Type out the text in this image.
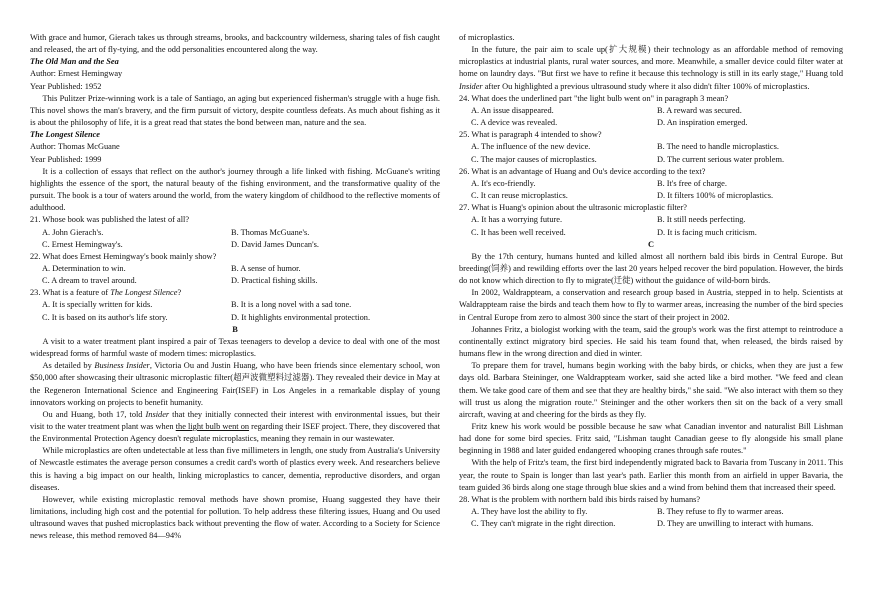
With grace and humor, Gierach takes us through streams, brooks, and backcountry wilderness, sharing tales of fish caught and released, the art of fly-tying, and the odd personalities encountered along the way.

The Old Man and the Sea

Author: Ernest Hemingway

Year Published: 1952

This Pulitzer Prize-winning work is a tale of Santiago, an aging but experienced fisherman's struggle with a huge fish. This novel shows the man's bravery, and the firm pursuit of victory, despite countless defeats. As much about fishing as it is about the philosophy of life, it is a great read that states the bond between man, nature and the sea.

The Longest Silence

Author: Thomas McGuane

Year Published: 1999

It is a collection of essays that reflect on the author's journey through a life linked with fishing. McGuane's writing highlights the essence of the sport, the natural beauty of the fishing environment, and the transformative quality of the pursuit. The book is a tour of waters around the world, from the watery kingdom of childhood to the reflective moments of adulthood.

21. Whose book was published the latest of all?

A. John Gierach's.	B. Thomas McGuane's.
C. Ernest Hemingway's.	D. David James Duncan's.

22. What does Ernest Hemingway's book mainly show?

A. Determination to win.	B. A sense of humor.
C. A dream to travel around.	D. Practical fishing skills.

23. What is a feature of The Longest Silence?

A. It is specially written for kids.	B. It is a long novel with a sad tone.
C. It is based on its author's life story.	D. It highlights environmental protection.

B

A visit to a water treatment plant inspired a pair of Texas teenagers to develop a device to deal with one of the most widespread forms of harmful waste of modern times: microplastics.

As detailed by Business Insider, Victoria Ou and Justin Huang, who have been friends since elementary school, won $50,000 after showcasing their ultrasonic microplastic filter(超声波微塑料过滤器). They revealed their device in May at the Regeneron International Science and Engineering Fair(ISEF) in Los Angeles in a remarkable display of young innovators working on projects to benefit humanity.

Ou and Huang, both 17, told Insider that they initially connected their interest with environmental issues, but their visit to the water treatment plant was when the light bulb went on regarding their ISEF project. There, they discovered that the Environmental Protection Agency doesn't regulate microplastics, meaning they remain in our wastewater.

While microplastics are often undetectable at less than five millimeters in length, one study from Australia's University of Newcastle estimates the average person consumes a credit card's worth of plastics every week. And researchers believe this is having a big impact on our health, linking microplastics to cancer, dementia, reproductive disorders, and organ diseases.

However, while existing microplastic removal methods have shown promise, Huang suggested they have their limitations, including high cost and the potential for pollution. To help address these filtering issues, Huang and Ou used ultrasound waves that pushed microplastics back without preventing the flow of water. According to a Society for Science news release, this method removed 84—94%

of microplastics.

In the future, the pair aim to scale up(扩大规模) their technology as an affordable method of removing microplastics at industrial plants, rural water sources, and more. Meanwhile, a smaller device could filter water at home on laundry days. "But first we have to refine it because this technology is still in its early stage," Huang told Insider after Ou highlighted a previous ultrasound study where it also didn't filter 100% of microplastics.

24. What does the underlined part "the light bulb went on" in paragraph 3 mean?

A. An issue disappeared.	B. A reward was secured.
C. A device was revealed.	D. An inspiration emerged.

25. What is paragraph 4 intended to show?

A. The influence of the new device.	B. The need to handle microplastics.
C. The major causes of microplastics.	D. The current serious water problem.

26. What is an advantage of Huang and Ou's device according to the text?

A. It's eco-friendly.	B. It's free of charge.
C. It can reuse microplastics.	D. It filters 100% of microplastics.

27. What is Huang's opinion about the ultrasonic microplastic filter?

A. It has a worrying future.	B. It still needs perfecting.
C. It has been well received.	D. It is facing much criticism.

C

By the 17th century, humans hunted and killed almost all northern bald ibis birds in Central Europe. But breeding(饲养) and rewilding efforts over the last 20 years helped recover the bird population. However, the birds do not know which direction to fly to migrate(迁徙) without the guidance of wild-born birds.

In 2002, Waldrappteam, a conservation and research group based in Austria, stepped in to help. Scientists at Waldrappteam raise the birds and teach them how to fly to warmer areas, increasing the number of the bird species in Central Europe from zero to almost 300 since the start of their project in 2002.

Johannes Fritz, a biologist working with the team, said the group's work was the first attempt to reintroduce a continentally extinct migratory bird species. He said his team found that, when released, the birds raised by humans flew in the wrong direction and died in winter.

To prepare them for travel, humans begin working with the baby birds, or chicks, when they are just a few days old. Barbara Steininger, one Waldrappteam worker, said she acted like a bird mother. "We feed and clean them. We take good care of them and see that they are healthy birds," she said. "We also interact with them so they will trust us along the migration route." Steininger and the other workers then sit on the back of a very small aircraft, waving at and cheering for the birds as they fly.

Fritz knew his work would be possible because he saw what Canadian inventor and naturalist Bill Lishman had done for some bird species. Fritz said, "Lishman taught Canadian geese to fly alongside his small plane beginning in 1988 and later guided endangered whooping cranes through safe routes."

With the help of Fritz's team, the first bird independently migrated back to Bavaria from Tuscany in 2011. This year, the route to Spain is longer than last year's path. Earlier this month from an airfield in upper Bavaria, the team guided 36 birds along one stage through blue skies and a wind from behind them that increased their speed.

28. What is the problem with northern bald ibis birds raised by humans?

A. They have lost the ability to fly.	B. They refuse to fly to warmer areas.
C. They can't migrate in the right direction.	D. They are unwilling to interact with humans.
